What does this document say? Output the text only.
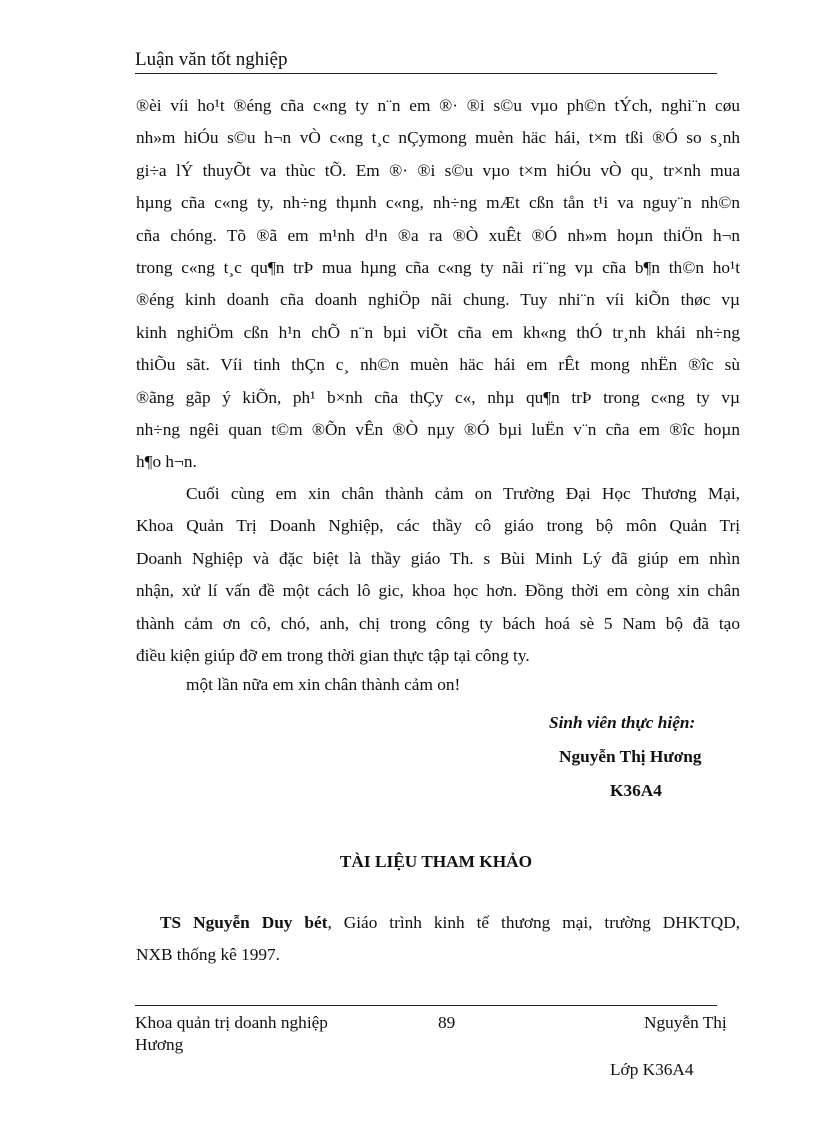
Luận văn tốt nghiệp
®èi víi ho¹t ®éng cña c«ng ty n¨n em ®· ®i s©u vµo ph©n tÝch, nghi¨n cøu
nh»m hiÓu s©u h¬n vÒ c«ng t¸c nÇymong muèn häc hái, t×m tßi ®Ó so s¸nh
gi÷a lÝ thuyÕt va thùc tÕ. Em ®· ®i s©u vµo t×m hiÓu vÒ qu¸ tr×nh mua
hµng cña c«ng ty, nh÷ng thµnh c«ng, nh÷ng mÆt cßn tån t¹i va nguy¨n nh©n
cña chóng. Tõ ®ã em m¹nh d¹n ®a ra ®Ò xuÊt ®Ó nh»m hoµn thiÖn h¬n
trong c«ng t¸c qu¶n trÞ mua hµng cña c«ng ty nãi ri¨ng vµ cña b¶n th©n ho¹t
®éng kinh doanh cña doanh nghiÖp nãi chung. Tuy nhi¨n víi kiÕn thøc vµ
kinh nghiÖm cßn h¹n chÕ n¨n bµi viÕt cña em kh«ng thÓ tr¸nh khái nh÷ng
thiÕu sãt. Víi tinh thÇn c¸ nh©n muèn häc hái em rÊt mong nhËn ®îc sù
®ãng gãp ý kiÕn, ph¹ b×nh cña thÇy c«, nhµ qu¶n trÞ trong c«ng ty vµ
nh÷ng ngêi quan t©m ®Õn vÊn ®Ò nµy ®Ó bµi luËn v¨n cña em ®îc hoµn
h¶o h¬n.
Cuối cùng em xin chân thành cảm on Trường Đại Học Thương Mại,
Khoa Quản Trị Doanh Nghiệp, các thầy cô giáo trong bộ môn Quản Trị
Doanh Nghiệp và đặc biệt là thầy giáo Th. s Bùi Minh Lý đã giúp em nhìn
nhận, xử lí vấn đề một cách lô gic, khoa học hơn. Đồng thời em còng xin chân
thành cảm ơn cô, chó, anh, chị trong công ty bách hoá sè 5 Nam bộ đã tạo
điều kiện giúp đỡ em trong thời gian thực tập tại công ty.
một lần nữa em xin chân thành cảm on!
Sinh viên thực hiện:
Nguyễn Thị Hương
K36A4
TÀI LIỆU THAM KHẢO
TS Nguyễn Duy bét, Giáo trình kinh tế thương mại, trường DHKTQD,
NXB thống kê 1997.
Khoa quản trị doanh nghiệp	89	Nguyễn Thị
Hương
Lớp K36A4
